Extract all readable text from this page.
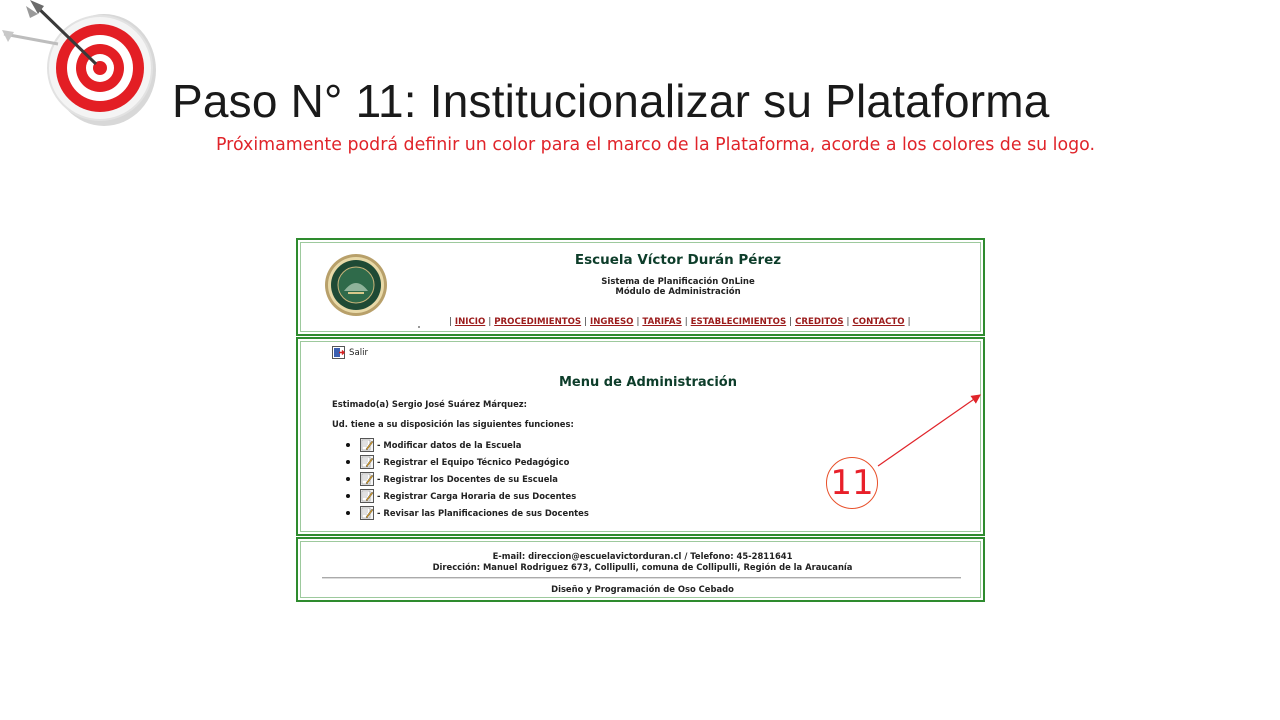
Paso N° 11: Institucionalizar su Plataforma
Próximamente podrá definir un color para el marco de la Plataforma, acorde a los colores de su logo.
Escuela Víctor Durán Pérez
Sistema de Planificación OnLine
Módulo de Administración
| INICIO | PROCEDIMIENTOS | INGRESO | TARIFAS | ESTABLECIMIENTOS | CREDITOS | CONTACTO |
Salir
Menu de Administración
Estimado(a) Sergio José Suárez Márquez:
Ud. tiene a su disposición las siguientes funciones:
- Modificar datos de la Escuela
- Registrar el Equipo Técnico Pedagógico
- Registrar los Docentes de su Escuela
- Registrar Carga Horaria de sus Docentes
- Revisar las Planificaciones de sus Docentes
E-mail: direccion@escuelavictorduran.cl / Telefono: 45-2811641
Dirección: Manuel Rodriguez 673, Collipulli, comuna de Collipulli, Región de la Araucanía
Diseño y Programación de Oso Cebado
11
